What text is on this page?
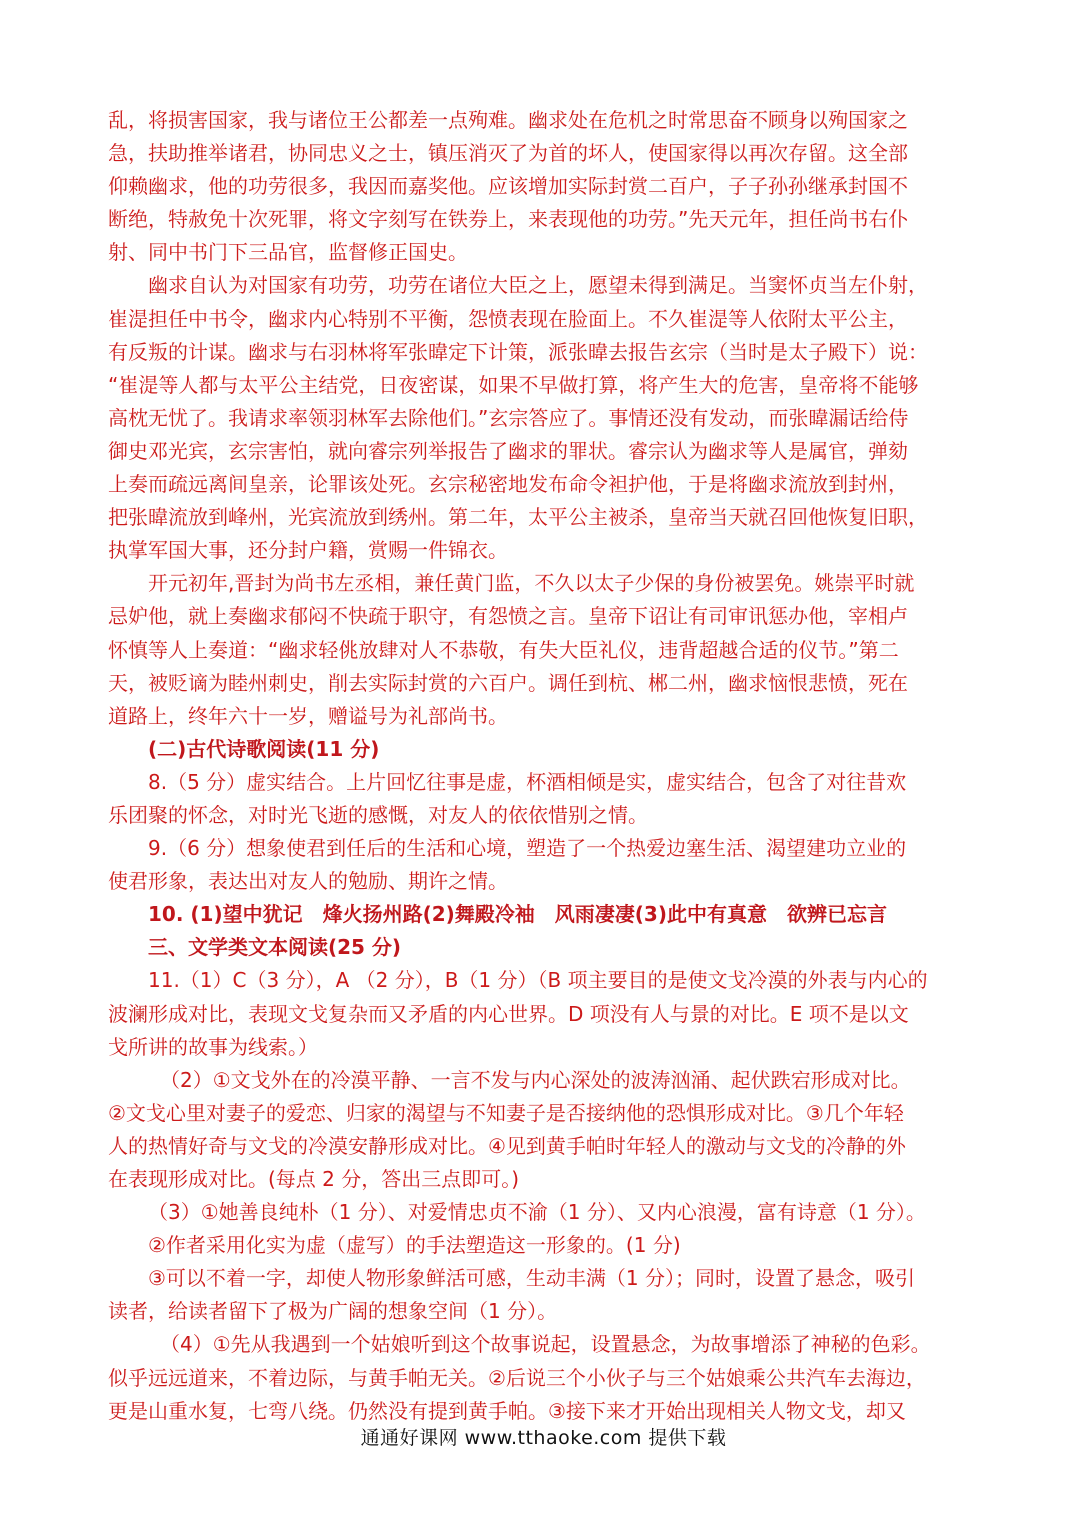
乱，将损害国家，我与诸位王公都差一点殉难。幽求处在危机之时常思奋不顾身以殉国家之
急，扶助推举诸君，协同忠义之士，镇压消灭了为首的坏人，使国家得以再次存留。这全部
仰赖幽求，他的功劳很多，我因而嘉奖他。应该增加实际封赏二百户，子子孙孙继承封国不
断绝，特赦免十次死罪，将文字刻写在铁券上，来表现他的功劳。”先天元年，担任尚书右仆
射、同中书门下三品官，监督修正国史。
幽求自认为对国家有功劳，功劳在诸位大臣之上，愿望未得到满足。当窦怀贞当左仆射，
崔湜担任中书令，幽求内心特别不平衡，怨愤表现在脸面上。不久崔湜等人依附太平公主，
有反叛的计谋。幽求与右羽林将军张暐定下计策，派张暐去报告玄宗（当时是太子殿下）说：
“崔湜等人都与太平公主结党，日夜密谋，如果不早做打算，将产生大的危害，皇帝将不能够
高枕无忧了。我请求率领羽林军去除他们。”玄宗答应了。事情还没有发动，而张暐漏话给侍
御史邓光宾，玄宗害怕，就向睿宗列举报告了幽求的罪状。睿宗认为幽求等人是属官，弹劾
上奏而疏远离间皇亲，论罪该处死。玄宗秘密地发布命令袒护他，于是将幽求流放到封州，
把张暐流放到峰州，光宾流放到绣州。第二年，太平公主被杀，皇帝当天就召回他恢复旧职，
执掌军国大事，还分封户籍，赏赐一件锦衣。
开元初年,晋封为尚书左丞相，兼任黄门监，不久以太子少保的身份被罢免。姚崇平时就
忌妒他，就上奏幽求郁闷不快疏于职守，有怨愤之言。皇帝下诏让有司审讯惩办他，宰相卢
怀慎等人上奏道：“幽求轻佻放肆对人不恭敬，有失大臣礼仪，违背超越合适的仪节。”第二
天，被贬谪为睦州刺史，削去实际封赏的六百户。调任到杭、郴二州，幽求恼恨悲愤，死在
道路上，终年六十一岁，赠谥号为礼部尚书。
(二)古代诗歌阅读(11 分)
8.（5 分）虚实结合。上片回忆往事是虚，杯酒相倾是实，虚实结合，包含了对往昔欢
乐团聚的怀念，对时光飞逝的感慨，对友人的依依惜别之情。
9.（6 分）想象使君到任后的生活和心境，塑造了一个热爱边塞生活、渴望建功立业的
使君形象，表达出对友人的勉励、期许之情。
10. (1)望中犹记　烽火扬州路(2)舞殿冷袖　风雨凄凄(3)此中有真意　欲辨已忘言
三、文学类文本阅读(25 分)
11.（1）C（3 分），A （2 分），B（1 分）（B 项主要目的是使文戈冷漠的外表与内心的
波澜形成对比，表现文戈复杂而又矛盾的内心世界。D 项没有人与景的对比。E 项不是以文
戈所讲的故事为线索。）
（2）①文戈外在的冷漠平静、一言不发与内心深处的波涛汹涌、起伏跌宕形成对比。
②文戈心里对妻子的爱恋、归家的渴望与不知妻子是否接纳他的恐惧形成对比。③几个年轻
人的热情好奇与文戈的冷漠安静形成对比。④见到黄手帕时年轻人的激动与文戈的冷静的外
在表现形成对比。(每点 2 分，答出三点即可。)
（3）①她善良纯朴（1 分）、对爱情忠贞不渝（1 分）、又内心浪漫，富有诗意（1 分）。
②作者采用化实为虚（虚写）的手法塑造这一形象的。(1 分)
③可以不着一字，却使人物形象鲜活可感，生动丰满（1 分）；同时，设置了悬念，吸引
读者，给读者留下了极为广阔的想象空间（1 分）。
（4）①先从我遇到一个姑娘听到这个故事说起，设置悬念，为故事增添了神秘的色彩。
似乎远远道来，不着边际，与黄手帕无关。②后说三个小伙子与三个姑娘乘公共汽车去海边，
更是山重水复，七弯八绕。仍然没有提到黄手帕。③接下来才开始出现相关人物文戈，却又
通通好课网 www.tthaoke.com 提供下载
